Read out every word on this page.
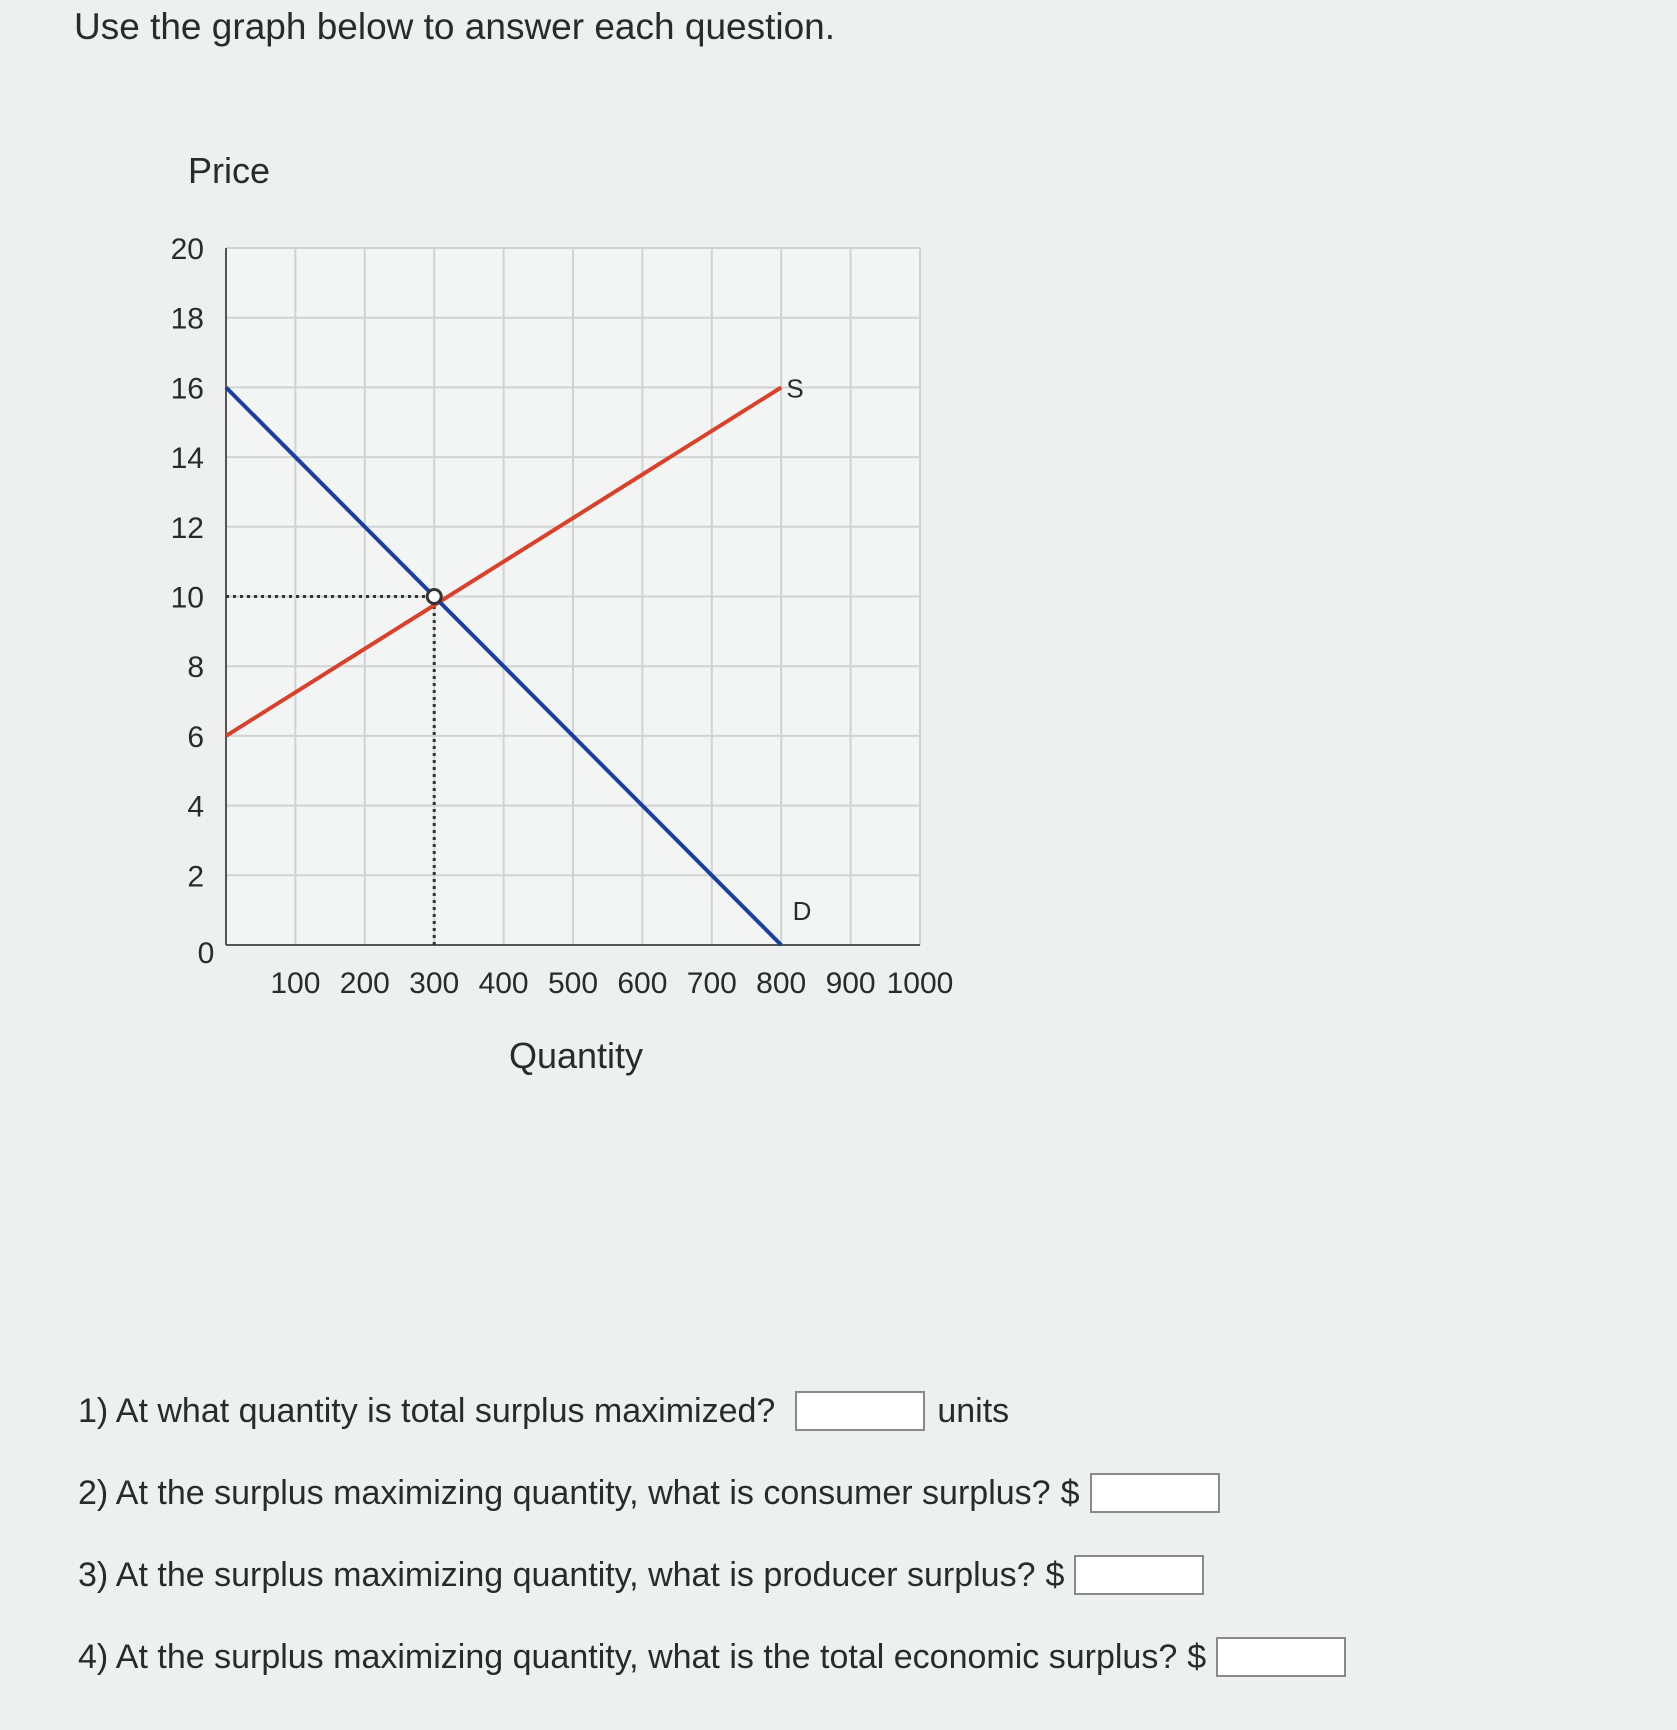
Use the graph below to answer each question.
2
4
6
8
10
12
14
16
18
20
0
100 200 300 400 500 600 700 800 900 1000
Price
Quantity
S
D
1) At what quantity is total surplus maximized?	units
2) At the surplus maximizing quantity, what is consumer surplus? $
3) At the surplus maximizing quantity, what is producer surplus? $
4) At the surplus maximizing quantity, what is the total economic surplus? $
